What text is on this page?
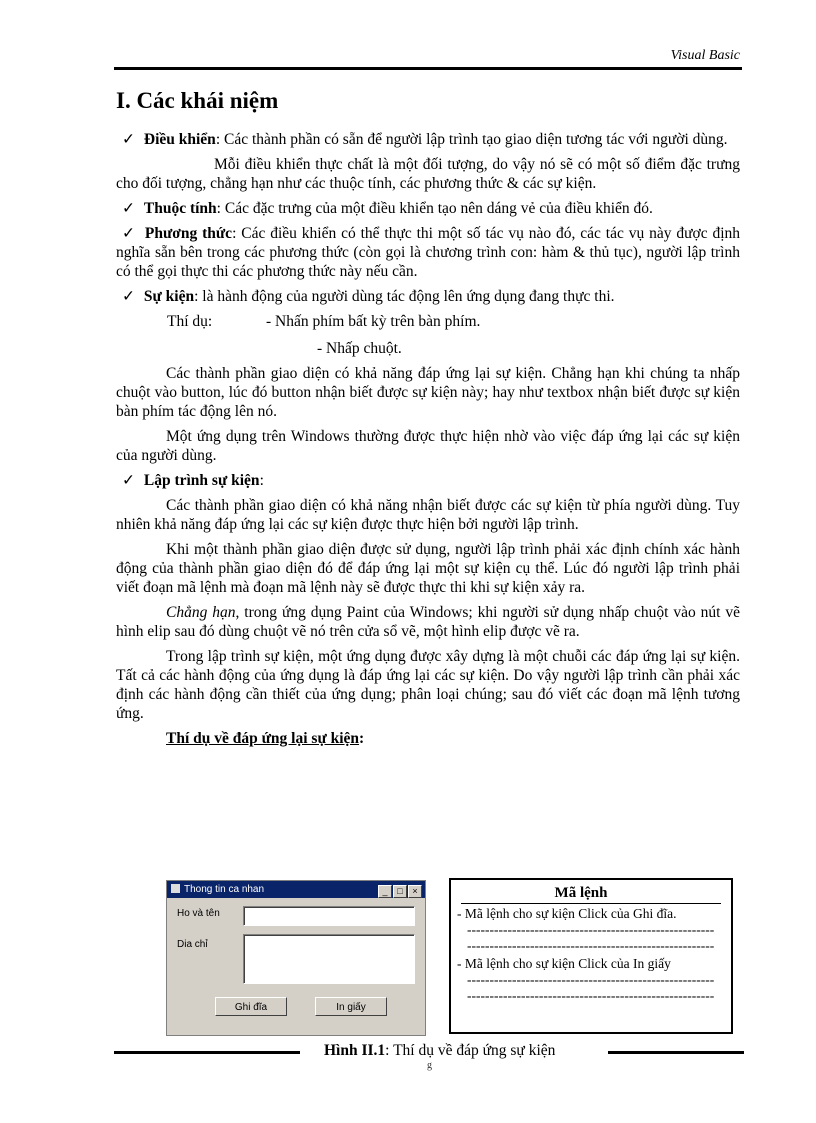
Visual Basic
I. Các khái niệm

✓ Điều khiển: Các thành phần có sẵn để người lập trình tạo giao diện tương tác với người dùng.

Mỗi điều khiển thực chất là một đối tượng, do vậy nó sẽ có một số điểm đặc trưng cho đối tượng, chẳng hạn như các thuộc tính, các phương thức & các sự kiện.

✓ Thuộc tính: Các đặc trưng của một điều khiển tạo nên dáng vẻ của điều khiển đó.

✓ Phương thức: Các điều khiển có thể thực thi một số tác vụ nào đó, các tác vụ này được định nghĩa sẵn bên trong các phương thức (còn gọi là chương trình con: hàm & thủ tục), người lập trình có thể gọi thực thi các phương thức này nếu cần.

✓ Sự kiện: là hành động của người dùng tác động lên ứng dụng đang thực thi.

Thí dụ:	- Nhấn phím bất kỳ trên bàn phím.
- Nhấp chuột.

Các thành phần giao diện có khả năng đáp ứng lại sự kiện. Chẳng hạn khi chúng ta nhấp chuột vào button, lúc đó button nhận biết được sự kiện này; hay như textbox nhận biết được sự kiện bàn phím tác động lên nó.

Một ứng dụng trên Windows thường được thực hiện nhờ vào việc đáp ứng lại các sự kiện của người dùng.

✓ Lập trình sự kiện:

Các thành phần giao diện có khả năng nhận biết được các sự kiện từ phía người dùng. Tuy nhiên khả năng đáp ứng lại các sự kiện được thực hiện bởi người lập trình.

Khi một thành phần giao diện được sử dụng, người lập trình phải xác định chính xác hành động của thành phần giao diện đó để đáp ứng lại một sự kiện cụ thể. Lúc đó người lập trình phải viết đoạn mã lệnh mà đoạn mã lệnh này sẽ được thực thi khi sự kiện xảy ra.

Chẳng hạn, trong ứng dụng Paint của Windows; khi người sử dụng nhấp chuột vào nút vẽ hình elip sau đó dùng chuột vẽ nó trên cửa sổ vẽ, một hình elip được vẽ ra.

Trong lập trình sự kiện, một ứng dụng được xây dựng là một chuỗi các đáp ứng lại sự kiện. Tất cả các hành động của ứng dụng là đáp ứng lại các sự kiện. Do vậy người lập trình cần phải xác định các hành động cần thiết của ứng dụng; phân loại chúng; sau đó viết các đoạn mã lệnh tương ứng.

Thí dụ về đáp ứng lại sự kiện:
Thong tin ca nhan	_ □ ×
Ho và tên
Dia chỉ
Ghi đĩa	In giấy
Mã lệnh
- Mã lệnh cho sự kiện Click của Ghi đĩa.
-------------------------------------------------------
-------------------------------------------------------
- Mã lệnh cho sự kiện Click của In giấy
-------------------------------------------------------
-------------------------------------------------------
Hình II.1: Thí dụ về đáp ứng sự kiện
g
